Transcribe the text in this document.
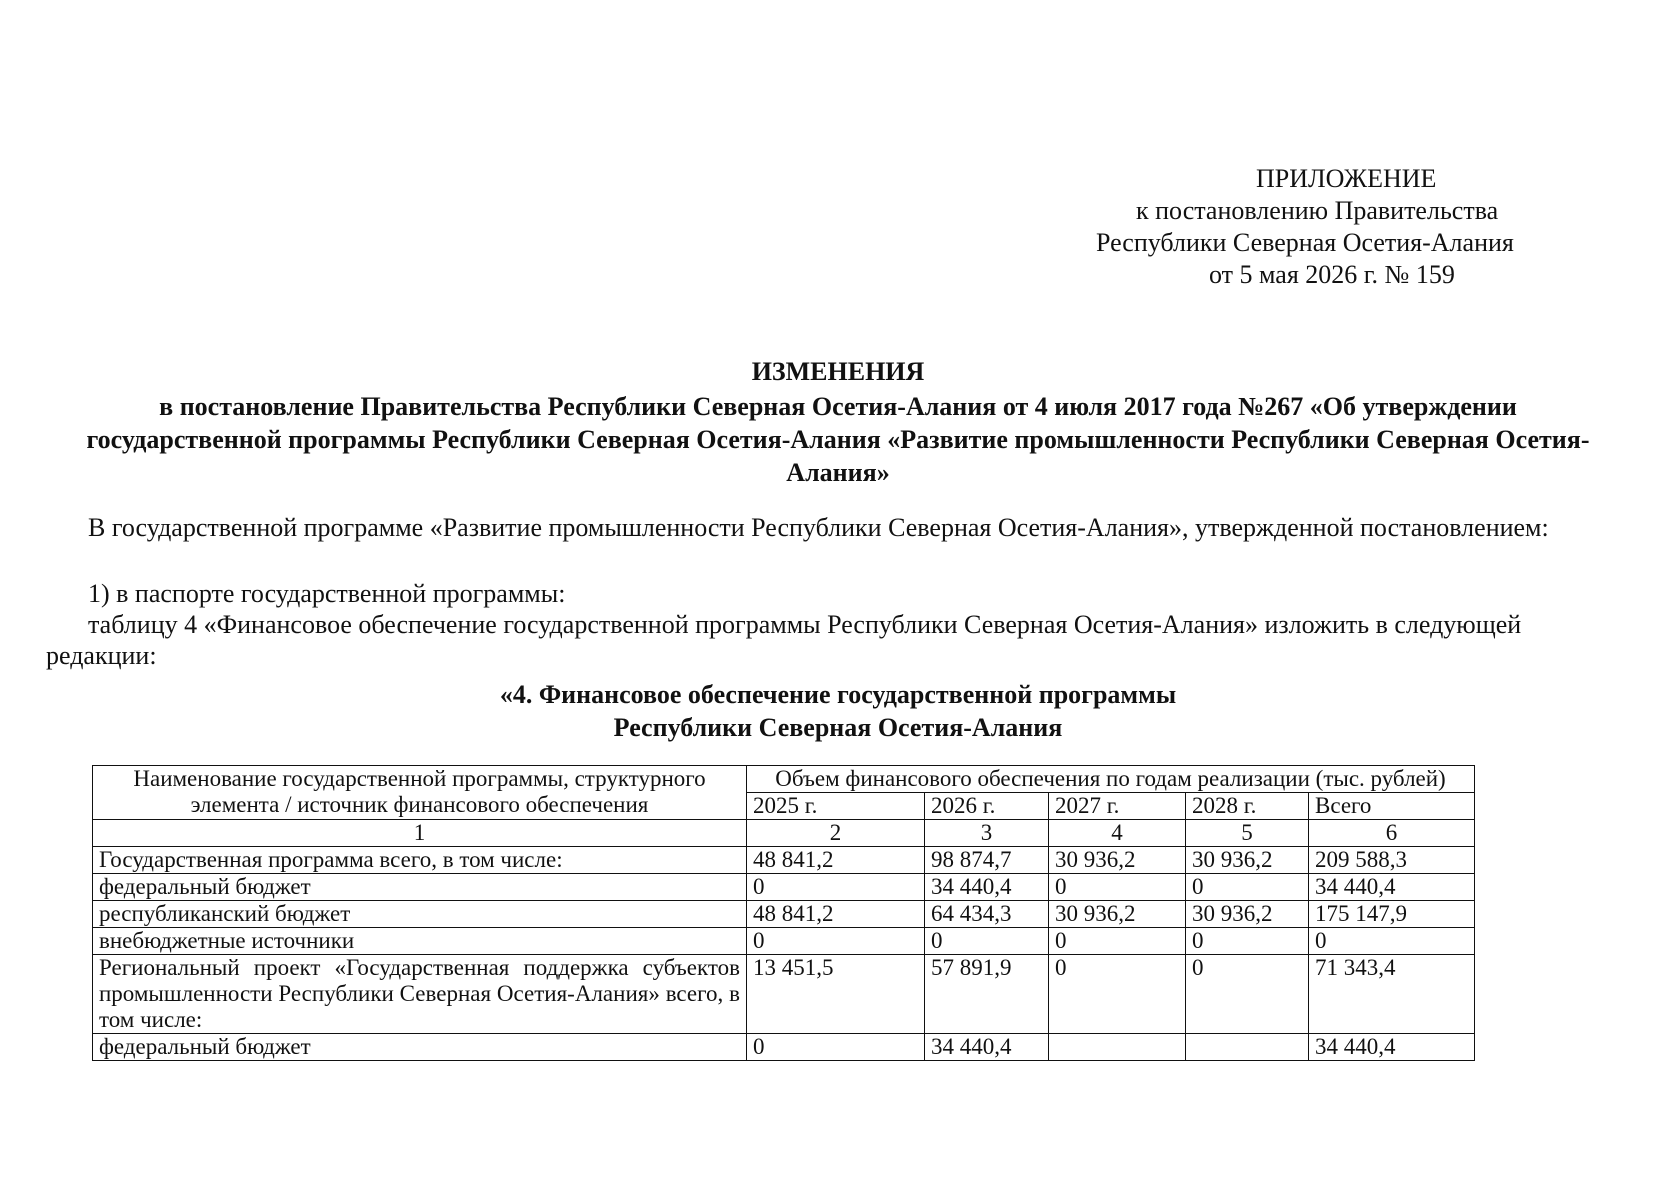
ПРИЛОЖЕНИЕ
к постановлению Правительства
Республики Северная Осетия-Алания
от 5 мая 2026 г. № 159
ИЗМЕНЕНИЯ
в постановление Правительства Республики Северная Осетия-Алания от 4 июля 2017 года №267 «Об утверждении государственной программы Республики Северная Осетия-Алания «Развитие промышленности Республики Северная Осетия-Алания»
В государственной программе «Развитие промышленности Республики Северная Осетия-Алания», утвержденной постановлением:
1) в паспорте государственной программы:
таблицу 4 «Финансовое обеспечение государственной программы Республики Северная Осетия-Алания» изложить в следующей редакции:
«4. Финансовое обеспечение государственной программы
Республики Северная Осетия-Алания
Наименование государственной программы, структурного элемента / источник финансового обеспечения	Объем финансового обеспечения по годам реализации (тыс. рублей)				
	2025 г.	2026 г.	2027 г.	2028 г.	Всего
1	2	3	4	5	6
Государственная программа всего, в том числе:	48 841,2	98 874,7	30 936,2	30 936,2	209 588,3
федеральный бюджет	0	34 440,4	0	0	34 440,4
республиканский бюджет	48 841,2	64 434,3	30 936,2	30 936,2	175 147,9
внебюджетные источники	0	0	0	0	0
Региональный проект «Государственная поддержка субъектов промышленности Республики Северная Осетия-Алания» всего, в том числе:	13 451,5	57 891,9	0	0	71 343,4
федеральный бюджет	0	34 440,4			34 440,4
